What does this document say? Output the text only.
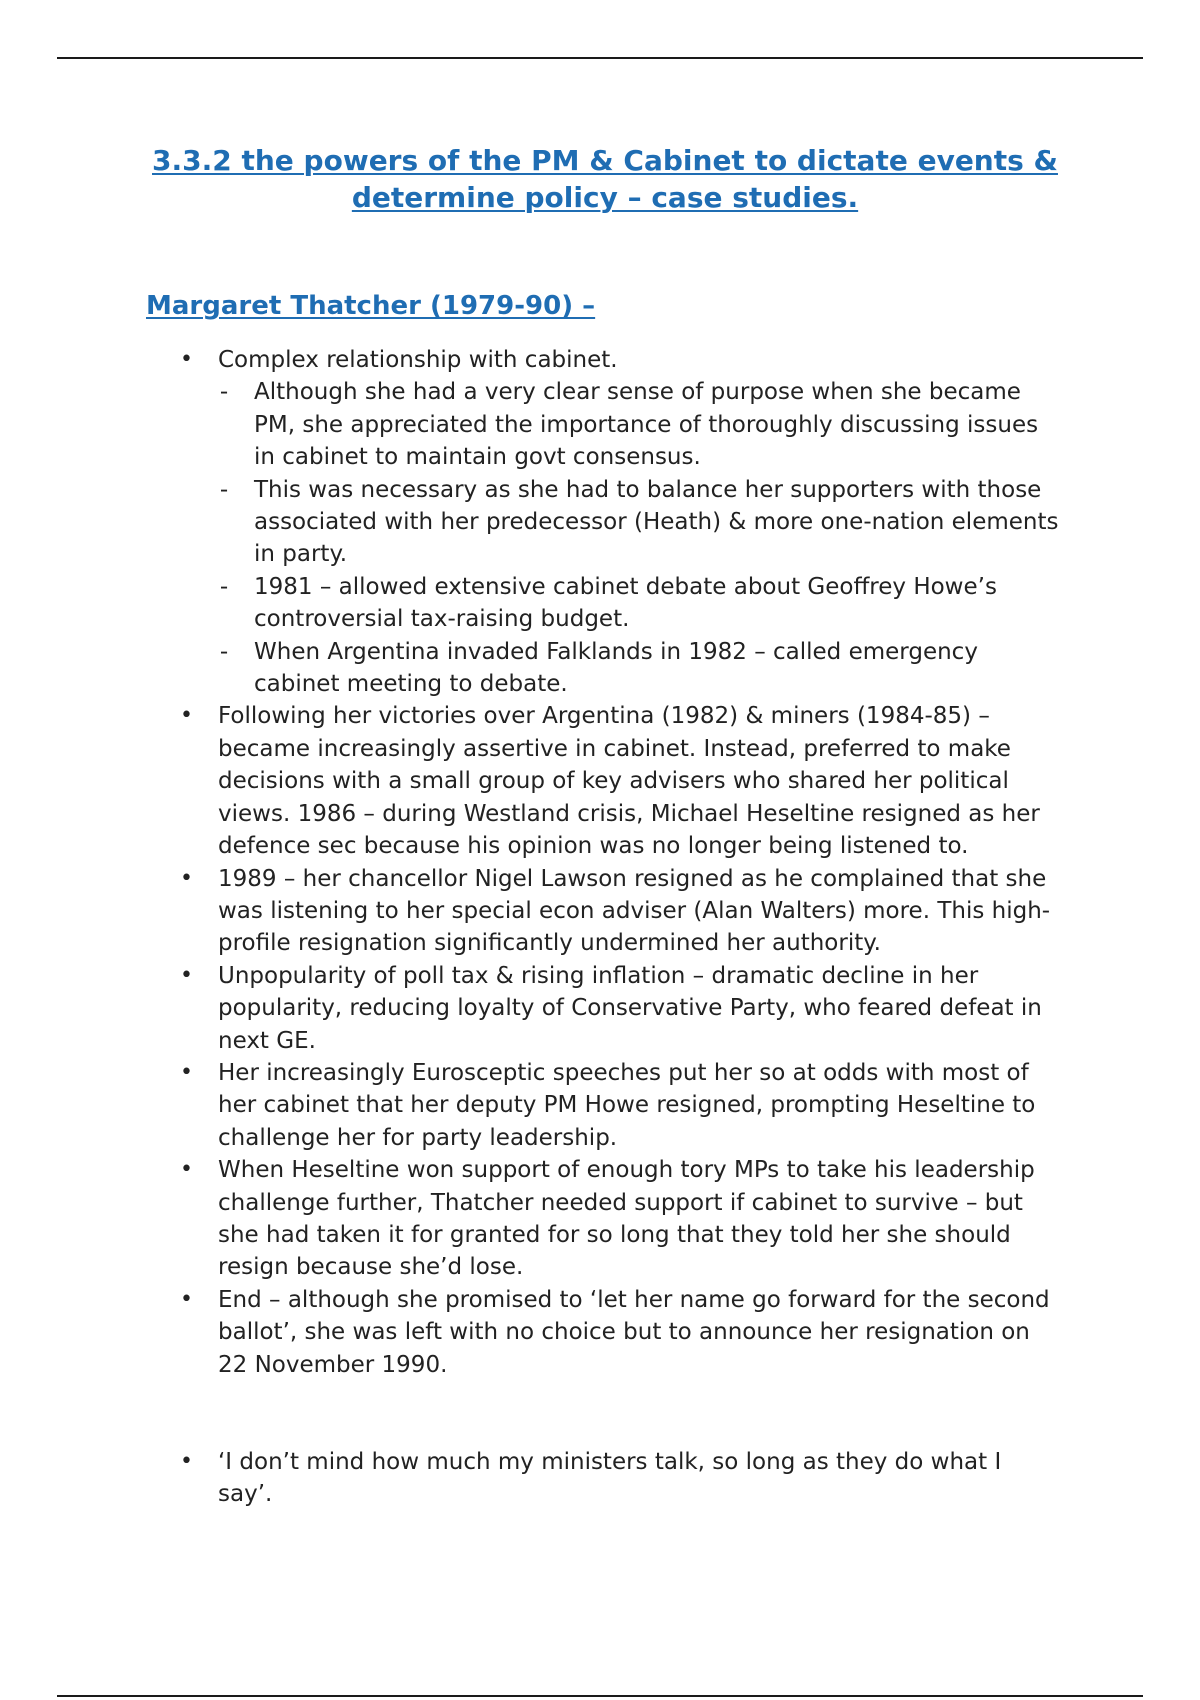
3.3.2 the powers of the PM & Cabinet to dictate events & determine policy – case studies.
Margaret Thatcher (1979-90) –
• Complex relationship with cabinet.
- Although she had a very clear sense of purpose when she became PM, she appreciated the importance of thoroughly discussing issues in cabinet to maintain govt consensus.
- This was necessary as she had to balance her supporters with those associated with her predecessor (Heath) & more one-nation elements in party.
- 1981 – allowed extensive cabinet debate about Geoffrey Howe’s controversial tax-raising budget.
- When Argentina invaded Falklands in 1982 – called emergency cabinet meeting to debate.
• Following her victories over Argentina (1982) & miners (1984-85) – became increasingly assertive in cabinet. Instead, preferred to make decisions with a small group of key advisers who shared her political views. 1986 – during Westland crisis, Michael Heseltine resigned as her defence sec because his opinion was no longer being listened to.
• 1989 – her chancellor Nigel Lawson resigned as he complained that she was listening to her special econ adviser (Alan Walters) more. This high-profile resignation significantly undermined her authority.
• Unpopularity of poll tax & rising inflation – dramatic decline in her popularity, reducing loyalty of Conservative Party, who feared defeat in next GE.
• Her increasingly Eurosceptic speeches put her so at odds with most of her cabinet that her deputy PM Howe resigned, prompting Heseltine to challenge her for party leadership.
• When Heseltine won support of enough tory MPs to take his leadership challenge further, Thatcher needed support if cabinet to survive – but she had taken it for granted for so long that they told her she should resign because she’d lose.
• End – although she promised to ‘let her name go forward for the second ballot’, she was left with no choice but to announce her resignation on 22 November 1990.
• ‘I don’t mind how much my ministers talk, so long as they do what I say’.
